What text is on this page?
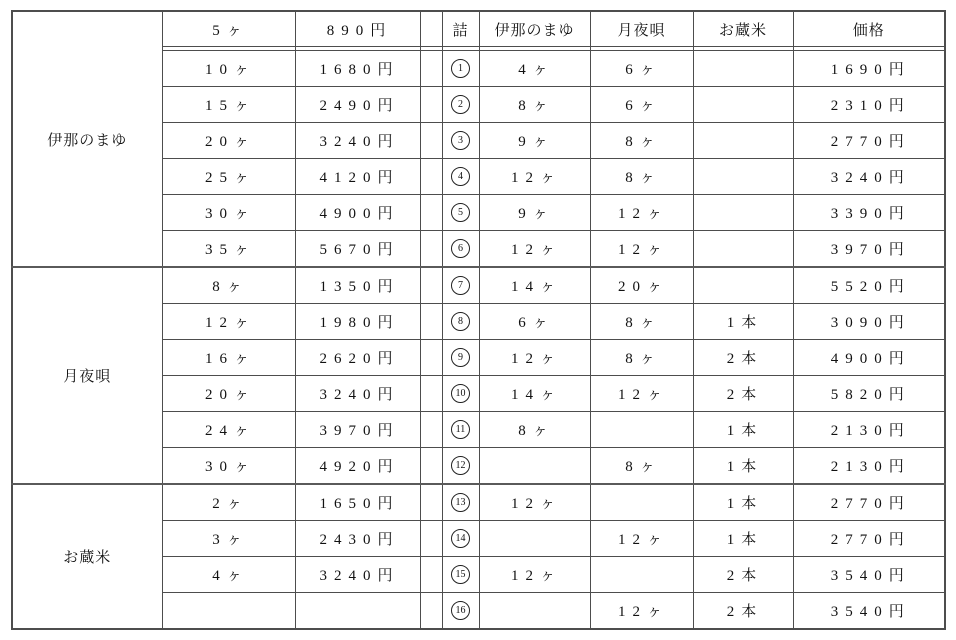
伊那のまゆ	5ヶ	890円		詰	伊那のまゆ	月夜唄	お蔵米	価格

	10ヶ	1680円		1	4ヶ	6ヶ		1690円
	15ヶ	2490円		2	8ヶ	6ヶ		2310円
	20ヶ	3240円		3	9ヶ	8ヶ		2770円
	25ヶ	4120円		4	12ヶ	8ヶ		3240円
	30ヶ	4900円		5	9ヶ	12ヶ		3390円
	35ヶ	5670円		6	12ヶ	12ヶ		3970円
月夜唄	8ヶ	1350円		7	14ヶ	20ヶ		5520円
	12ヶ	1980円		8	6ヶ	8ヶ	1本	3090円
	16ヶ	2620円		9	12ヶ	8ヶ	2本	4900円
	20ヶ	3240円		10	14ヶ	12ヶ	2本	5820円
	24ヶ	3970円		11	8ヶ		1本	2130円
	30ヶ	4920円		12		8ヶ	1本	2130円
お蔵米	2ヶ	1650円		13	12ヶ		1本	2770円
	3ヶ	2430円		14		12ヶ	1本	2770円
	4ヶ	3240円		15	12ヶ		2本	3540円
				16		12ヶ	2本	3540円
